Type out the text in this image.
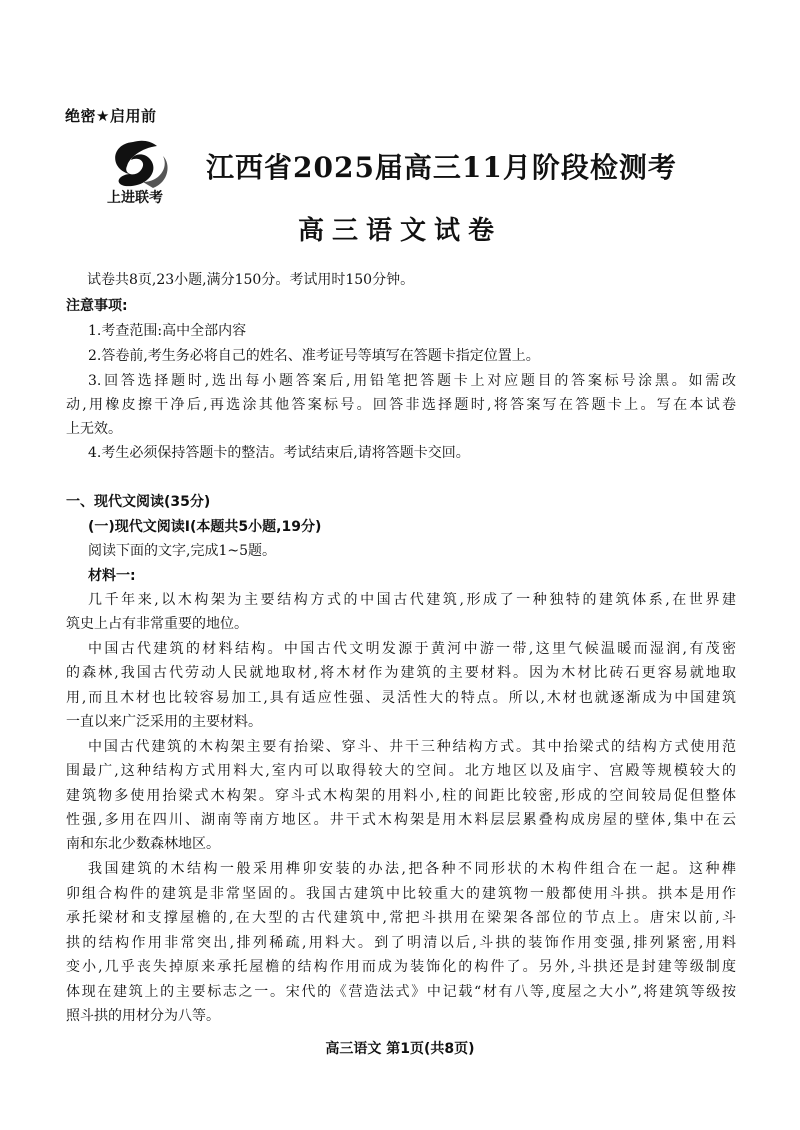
绝密★启用前
上进联考
江西省2025届高三11月阶段检测考
高三语文试卷
试卷共8页,23小题,满分150分。考试用时150分钟。
注意事项:
1.考查范围:高中全部内容
2.答卷前,考生务必将自己的姓名、准考证号等填写在答题卡指定位置上。
3.回答选择题时,选出每小题答案后,用铅笔把答题卡上对应题目的答案标号涂黑。如需改
动,用橡皮擦干净后,再选涂其他答案标号。回答非选择题时,将答案写在答题卡上。写在本试卷
上无效。
4.考生必须保持答题卡的整洁。考试结束后,请将答题卡交回。
一、现代文阅读(35分)
(一)现代文阅读Ⅰ(本题共5小题,19分)
阅读下面的文字,完成1~5题。
材料一:
几千年来,以木构架为主要结构方式的中国古代建筑,形成了一种独特的建筑体系,在世界建
筑史上占有非常重要的地位。
中国古代建筑的材料结构。中国古代文明发源于黄河中游一带,这里气候温暖而湿润,有茂密
的森林,我国古代劳动人民就地取材,将木材作为建筑的主要材料。因为木材比砖石更容易就地取
用,而且木材也比较容易加工,具有适应性强、灵活性大的特点。所以,木材也就逐渐成为中国建筑
一直以来广泛采用的主要材料。
中国古代建筑的木构架主要有抬梁、穿斗、井干三种结构方式。其中抬梁式的结构方式使用范
围最广,这种结构方式用料大,室内可以取得较大的空间。北方地区以及庙宇、宫殿等规模较大的
建筑物多使用抬梁式木构架。穿斗式木构架的用料小,柱的间距比较密,形成的空间较局促但整体
性强,多用在四川、湖南等南方地区。井干式木构架是用木料层层累叠构成房屋的壁体,集中在云
南和东北少数森林地区。
我国建筑的木结构一般采用榫卯安装的办法,把各种不同形状的木构件组合在一起。这种榫
卯组合构件的建筑是非常坚固的。我国古建筑中比较重大的建筑物一般都使用斗拱。拱本是用作
承托梁材和支撑屋檐的,在大型的古代建筑中,常把斗拱用在梁架各部位的节点上。唐宋以前,斗
拱的结构作用非常突出,排列稀疏,用料大。到了明清以后,斗拱的装饰作用变强,排列紧密,用料
变小,几乎丧失掉原来承托屋檐的结构作用而成为装饰化的构件了。另外,斗拱还是封建等级制度
体现在建筑上的主要标志之一。宋代的《营造法式》中记载“材有八等,度屋之大小”,将建筑等级按
照斗拱的用材分为八等。
高三语文 第1页(共8页)
